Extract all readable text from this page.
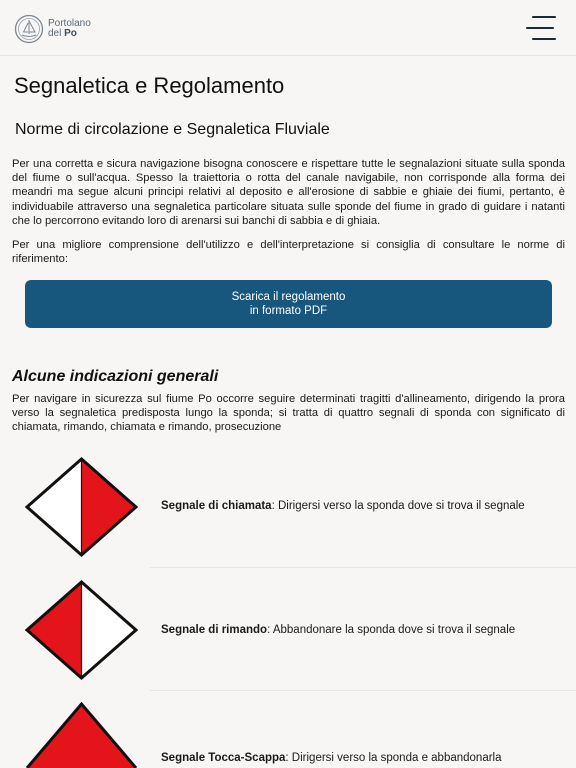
Portolano
del Po
Segnaletica e Regolamento
Norme di circolazione e Segnaletica Fluviale

Per una corretta e sicura navigazione bisogna conoscere e rispettare tutte le segnalazioni situate sulla sponda del fiume o sull'acqua. Spesso la traiettoria o rotta del canale navigabile, non corrisponde alla forma dei meandri ma segue alcuni principi relativi al deposito e all'erosione di sabbie e ghiaie dei fiumi, pertanto, è individuabile attraverso una segnaletica particolare situata sulle sponde del fiume in grado di guidare i natanti che lo percorrono evitando loro di arenarsi sui banchi di sabbia e di ghiaia.

Per una migliore comprensione dell'utilizzo e dell'interpretazione si consiglia di consultare le norme di riferimento:

Scarica il regolamento
in formato PDF
Alcune indicazioni generali

Per navigare in sicurezza sul fiume Po occorre seguire determinati tragitti d'allineamento, dirigendo la prora verso la segnaletica predisposta lungo la sponda; si tratta di quattro segnali di sponda con significato di chiamata, rimando, chiamata e rimando, prosecuzione

Segnale di chiamata: Dirigersi verso la sponda dove si trova il segnale
Segnale di rimando: Abbandonare la sponda dove si trova il segnale
Segnale Tocca-Scappa: Dirigersi verso la sponda e abbandonarla
